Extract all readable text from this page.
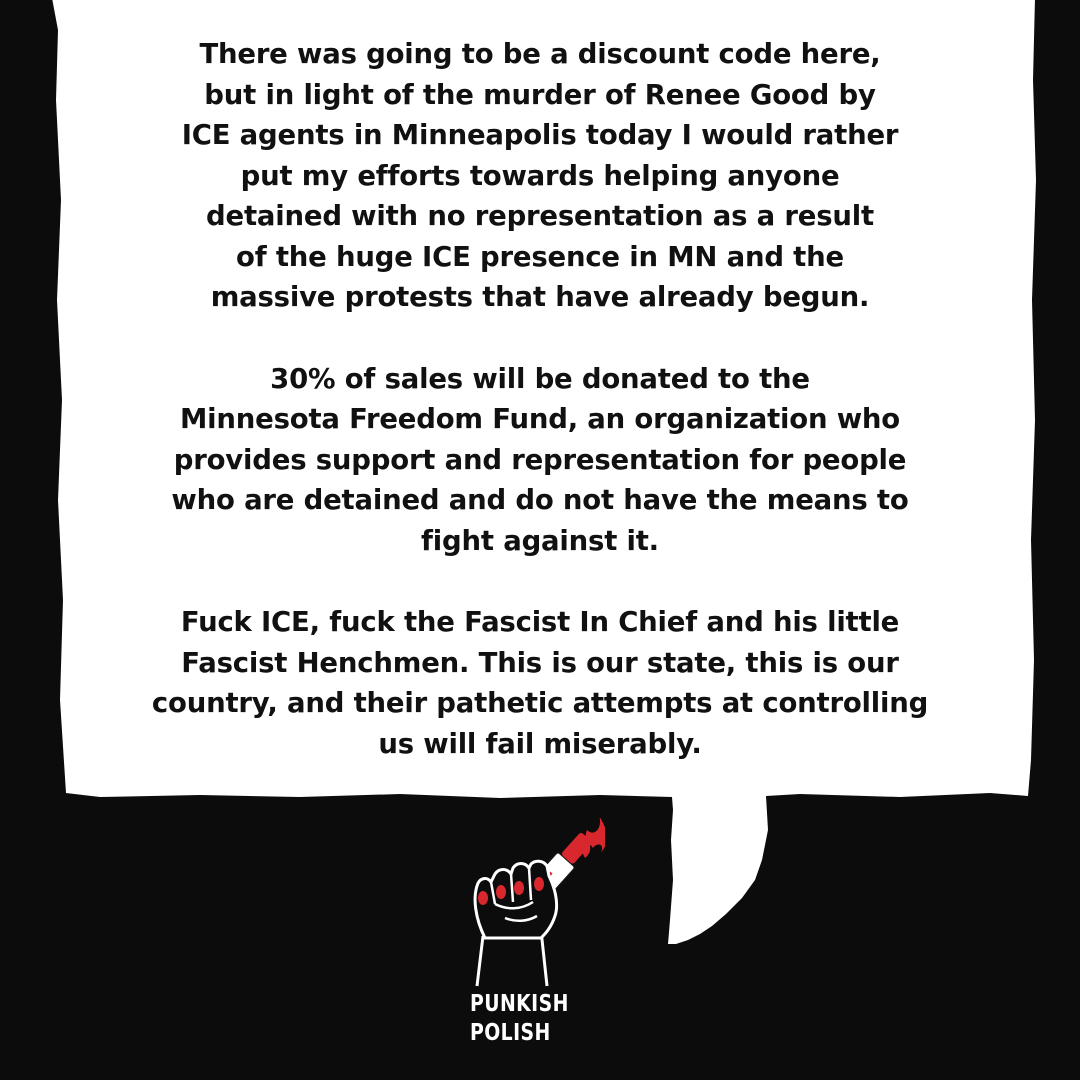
There was going to be a discount code here,
but in light of the murder of Renee Good by
ICE agents in Minneapolis today I would rather
put my efforts towards helping anyone
detained with no representation as a result
of the huge ICE presence in MN and the
massive protests that have already begun.

30% of sales will be donated to the
Minnesota Freedom Fund, an organization who
provides support and representation for people
who are detained and do not have the means to
fight against it.

Fuck ICE, fuck the Fascist In Chief and his little
Fascist Henchmen. This is our state, this is our
country, and their pathetic attempts at controlling
us will fail miserably.

PUNKISH
POLISH
